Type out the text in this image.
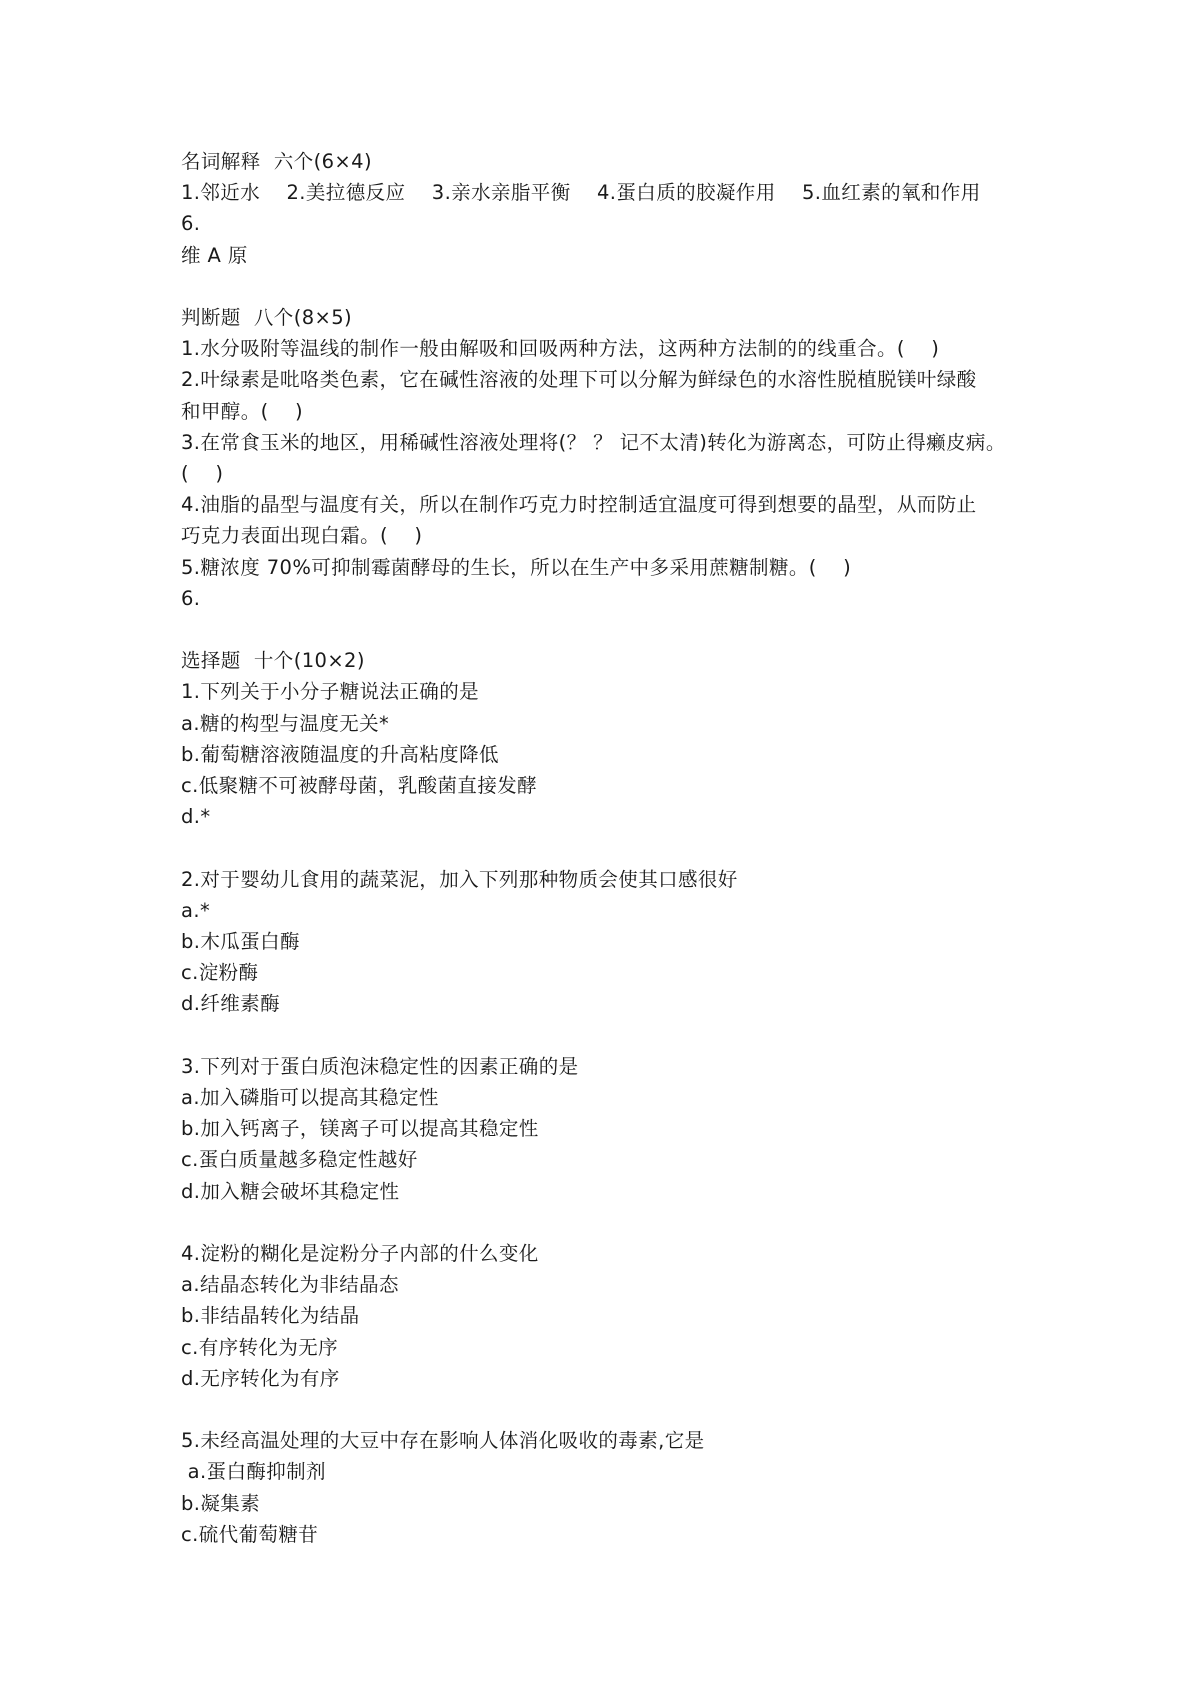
名词解释  六个(6×4)
1.邻近水    2.美拉德反应    3.亲水亲脂平衡    4.蛋白质的胶凝作用    5.血红素的氧和作用    6.
维 A 原
判断题  八个(8×5)
1.水分吸附等温线的制作一般由解吸和回吸两种方法，这两种方法制的的线重合。(    )
2.叶绿素是吡咯类色素，它在碱性溶液的处理下可以分解为鲜绿色的水溶性脱植脱镁叶绿酸
和甲醇。(    )
3.在常食玉米的地区，用稀碱性溶液处理将(？ ？ 记不太清)转化为游离态，可防止得癞皮病。
(    )
4.油脂的晶型与温度有关，所以在制作巧克力时控制适宜温度可得到想要的晶型，从而防止
巧克力表面出现白霜。(    )
5.糖浓度 70%可抑制霉菌酵母的生长，所以在生产中多采用蔗糖制糖。(    )
6.
选择题  十个(10×2)
1.下列关于小分子糖说法正确的是
a.糖的构型与温度无关*
b.葡萄糖溶液随温度的升高粘度降低
c.低聚糖不可被酵母菌，乳酸菌直接发酵
d.*
2.对于婴幼儿食用的蔬菜泥，加入下列那种物质会使其口感很好
a.*
b.木瓜蛋白酶
c.淀粉酶
d.纤维素酶
3.下列对于蛋白质泡沫稳定性的因素正确的是
a.加入磷脂可以提高其稳定性
b.加入钙离子，镁离子可以提高其稳定性
c.蛋白质量越多稳定性越好
d.加入糖会破坏其稳定性
4.淀粉的糊化是淀粉分子内部的什么变化
a.结晶态转化为非结晶态
b.非结晶转化为结晶
c.有序转化为无序
d.无序转化为有序
5.未经高温处理的大豆中存在影响人体消化吸收的毒素,它是
a.蛋白酶抑制剂
b.凝集素
c.硫代葡萄糖苷
